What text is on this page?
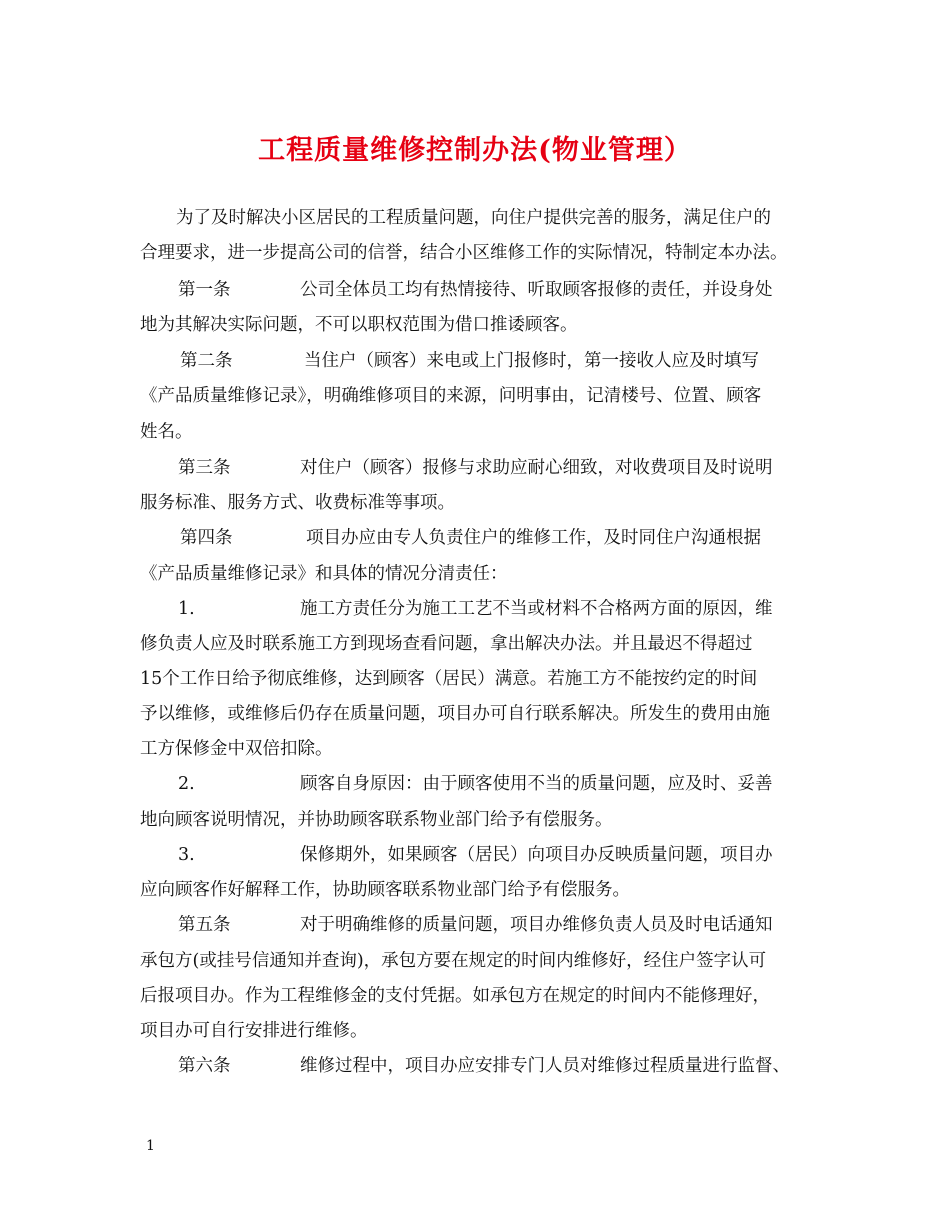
工程质量维修控制办法(物业管理）
为了及时解决小区居民的工程质量问题，向住户提供完善的服务，满足住户的
合理要求，进一步提高公司的信誉，结合小区维修工作的实际情况，特制定本办法。
第一条	公司全体员工均有热情接待、听取顾客报修的责任，并设身处
地为其解决实际问题，不可以职权范围为借口推诿顾客。
第二条	当住户（顾客）来电或上门报修时，第一接收人应及时填写
《产品质量维修记录》，明确维修项目的来源，问明事由，记清楼号、位置、顾客
姓名。
第三条	对住户（顾客）报修与求助应耐心细致，对收费项目及时说明
服务标准、服务方式、收费标准等事项。
第四条	项目办应由专人负责住户的维修工作，及时同住户沟通根据
《产品质量维修记录》和具体的情况分清责任：
1.	施工方责任分为施工工艺不当或材料不合格两方面的原因，维
修负责人应及时联系施工方到现场查看问题，拿出解决办法。并且最迟不得超过
15个工作日给予彻底维修，达到顾客（居民）满意。若施工方不能按约定的时间
予以维修，或维修后仍存在质量问题，项目办可自行联系解决。所发生的费用由施
工方保修金中双倍扣除。
2.	顾客自身原因：由于顾客使用不当的质量问题，应及时、妥善
地向顾客说明情况，并协助顾客联系物业部门给予有偿服务。
3.	保修期外，如果顾客（居民）向项目办反映质量问题，项目办
应向顾客作好解释工作，协助顾客联系物业部门给予有偿服务。
第五条	对于明确维修的质量问题，项目办维修负责人员及时电话通知
承包方(或挂号信通知并查询)，承包方要在规定的时间内维修好，经住户签字认可
后报项目办。作为工程维修金的支付凭据。如承包方在规定的时间内不能修理好，
项目办可自行安排进行维修。
第六条	维修过程中，项目办应安排专门人员对维修过程质量进行监督、
1
